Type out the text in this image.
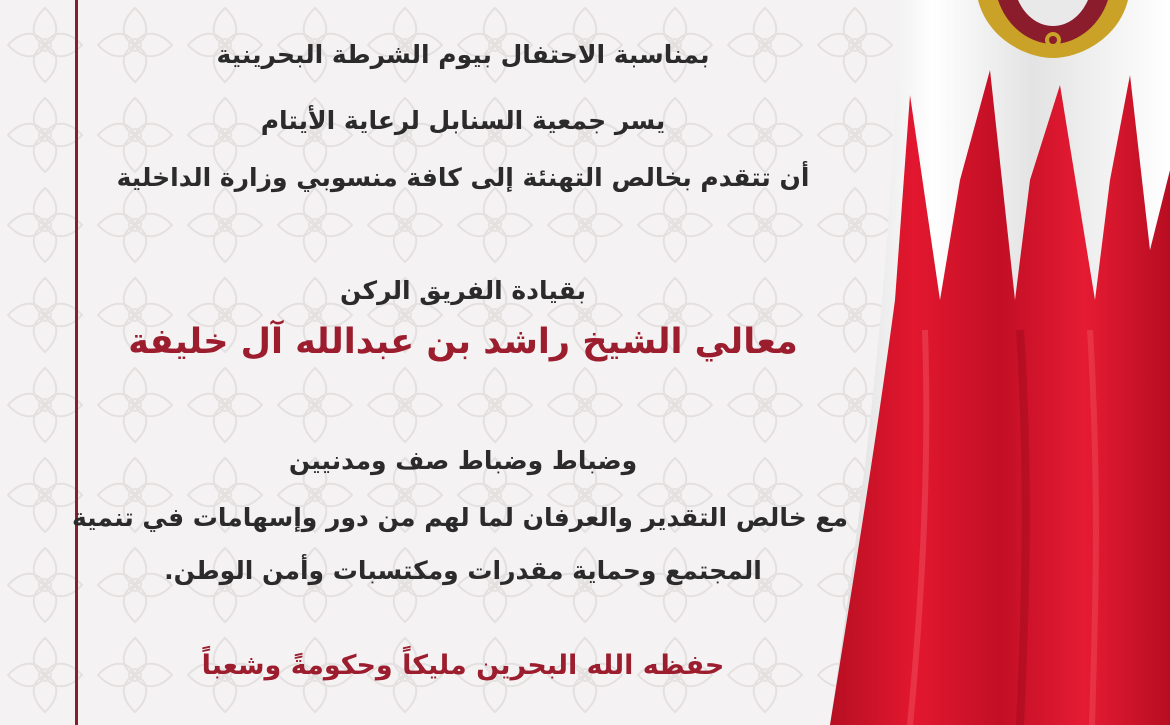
بمناسبة الاحتفال بيوم الشرطة البحرينية

يسر جمعية السنابل لرعاية الأيتام

أن تتقدم بخالص التهنئة إلى كافة منسوبي وزارة الداخلية

بقيادة الفريق الركن

معالي الشيخ راشد بن عبدالله آل خليفة

وضباط وضباط صف ومدنيين

مع خالص التقدير والعرفان لما لهم من دور وإسهامات في تنمية

المجتمع وحماية مقدرات ومكتسبات وأمن الوطن.

حفظه الله البحرين مليكاً وحكومةً وشعباً
